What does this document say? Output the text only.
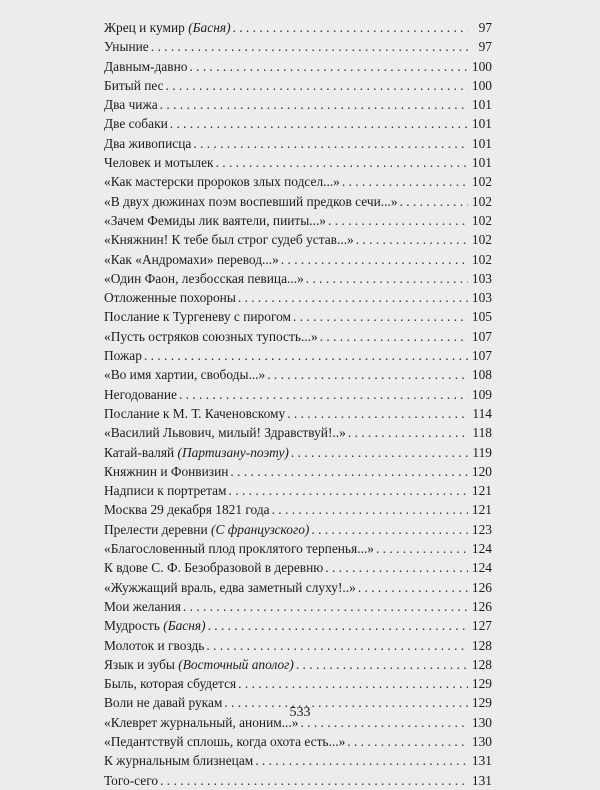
Жрец и кумир (Басня) . . .	97
Уныние . . .	97
Давным-давно . . .	100
Битый пес . . .	100
Два чижа . . .	101
Две собаки . . .	101
Два живописца . . .	101
Человек и мотылек . . .	101
«Как мастерски пророков злых подсел...» . . .	102
«В двух дюжинах поэм воспевший предков сечи...» . . .	102
«Зачем Фемиды лик ваятели, пииты...» . . .	102
«Княжнин! К тебе был строг судеб устав...» . . .	102
«Как «Андромахи» перевод...» . . .	102
«Один Фаон, лезбосская певица...» . . .	103
Отложенные похороны . . .	103
Послание к Тургеневу с пирогом . . .	105
«Пусть остряков союзных тупость...» . . .	107
Пожар . . .	107
«Во имя хартии, свободы...» . . .	108
Негодование . . .	109
Послание к М. Т. Каченовскому . . .	114
«Василий Львович, милый! Здравствуй!..» . . .	118
Катай-валяй (Партизану-поэту) . . .	119
Княжнин и Фонвизин . . .	120
Надписи к портретам . . .	121
Москва 29 декабря 1821 года . . .	121
Прелести деревни (С французского) . . .	123
«Благословенный плод проклятого терпенья...» . . .	124
К вдове С. Ф. Безобразовой в деревню . . .	124
«Жужжащий враль, едва заметный слуху!..» . . .	126
Мои желания . . .	126
Мудрость (Басня) . . .	127
Молоток и гвоздь . . .	128
Язык и зубы (Восточный аполог) . . .	128
Быль, которая сбудется . . .	129
Воли не давай рукам . . .	129
«Клеврет журнальный, аноним...» . . .	130
«Педантствуй сплошь, когда охота есть...» . . .	130
К журнальным близнецам . . .	131
Того-сего . . .	131
533
